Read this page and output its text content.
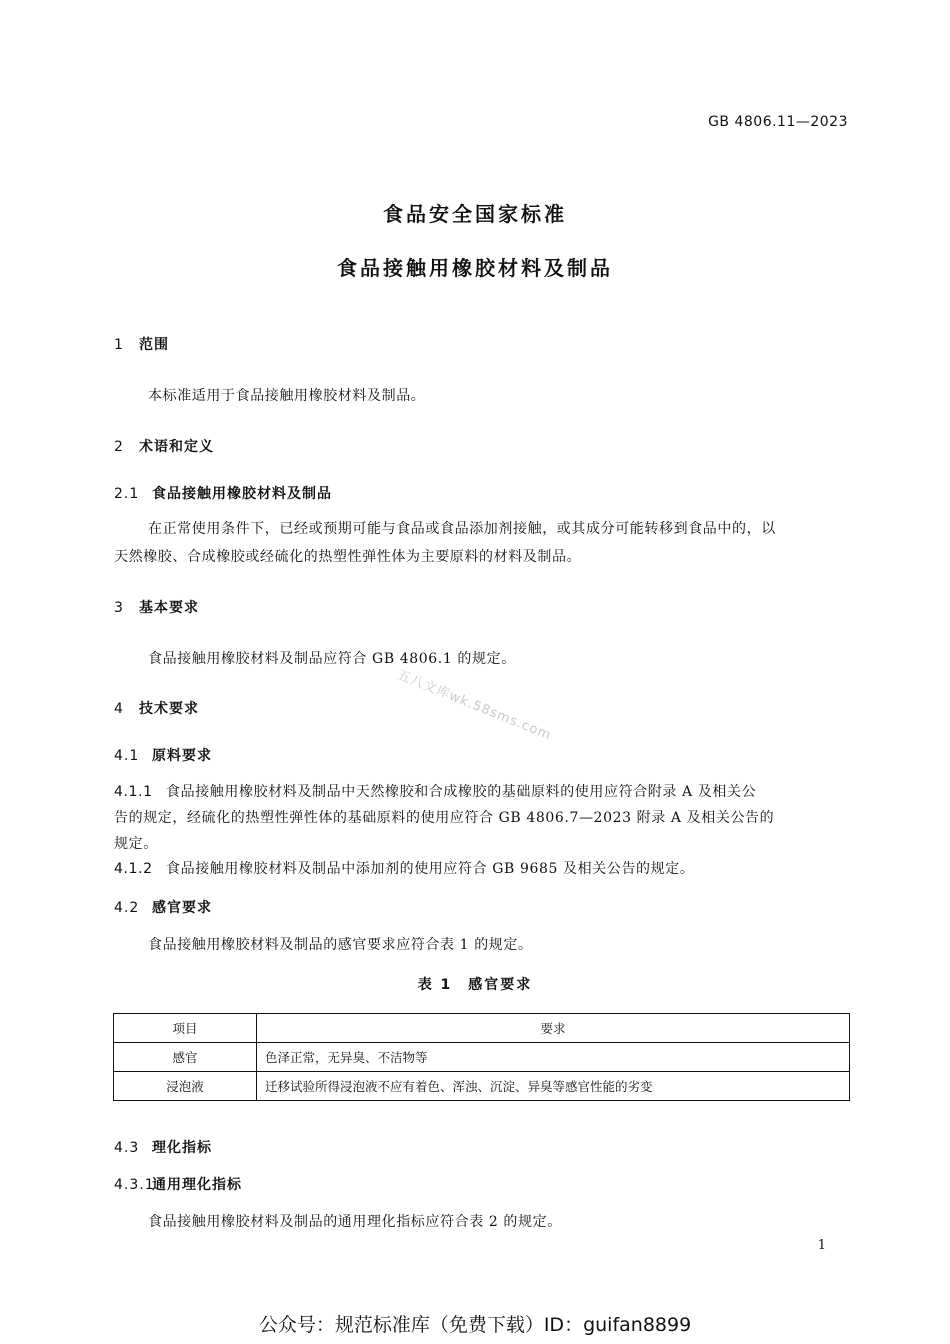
GB 4806.11—2023
食品安全国家标准
食品接触用橡胶材料及制品
1 范围
本标准适用于食品接触用橡胶材料及制品。
2 术语和定义
2.1 食品接触用橡胶材料及制品
在正常使用条件下，已经或预期可能与食品或食品添加剂接触，或其成分可能转移到食品中的，以
天然橡胶、合成橡胶或经硫化的热塑性弹性体为主要原料的材料及制品。
3 基本要求
食品接触用橡胶材料及制品应符合 GB 4806.1 的规定。
五八文库wk.58sms.com
4 技术要求
4.1 原料要求
4.1.1 食品接触用橡胶材料及制品中天然橡胶和合成橡胶的基础原料的使用应符合附录 A 及相关公
告的规定，经硫化的热塑性弹性体的基础原料的使用应符合 GB 4806.7—2023 附录 A 及相关公告的
规定。
4.1.2 食品接触用橡胶材料及制品中添加剂的使用应符合 GB 9685 及相关公告的规定。
4.2 感官要求
食品接触用橡胶材料及制品的感官要求应符合表 1 的规定。
表 1　感官要求
项目	要求
感官	色泽正常，无异臭、不洁物等
浸泡液	迁移试验所得浸泡液不应有着色、浑浊、沉淀、异臭等感官性能的劣变
4.3 理化指标
4.3.1通用理化指标
食品接触用橡胶材料及制品的通用理化指标应符合表 2 的规定。
1
公众号：规范标准库（免费下载）ID：guifan8899
